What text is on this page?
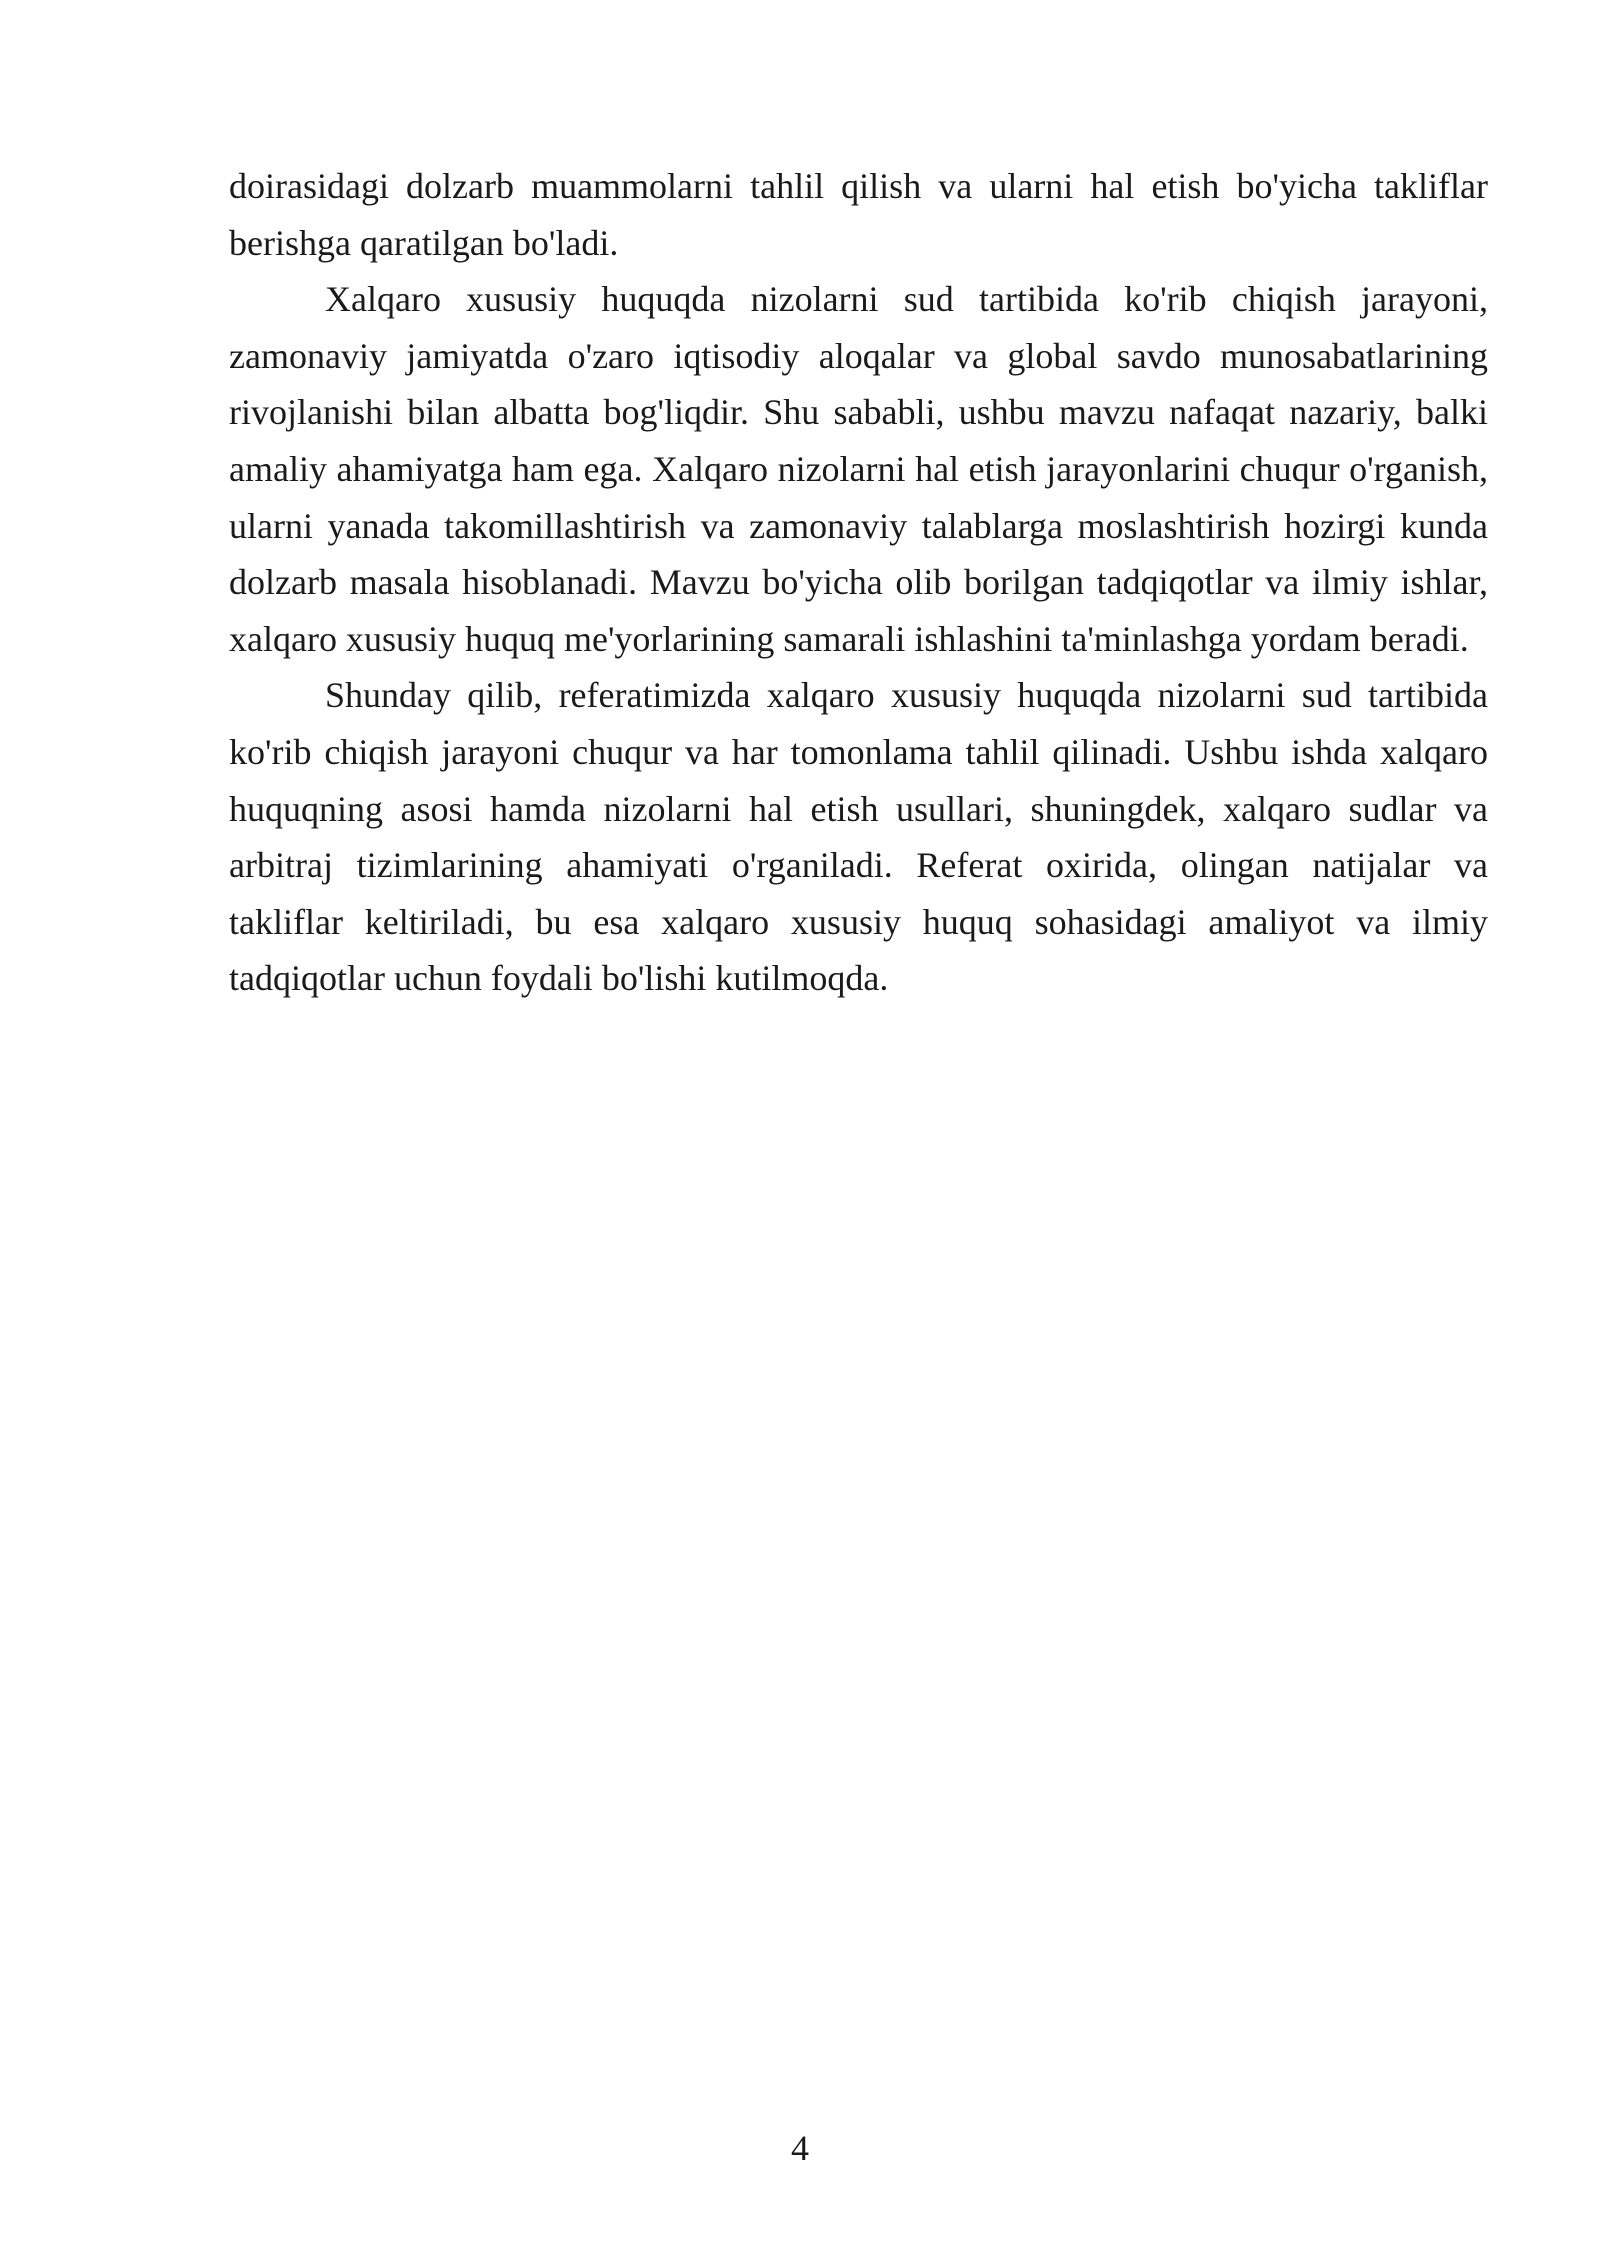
doirasidagi dolzarb muammolarni tahlil qilish va ularni hal etish bo'yicha takliflar berishga qaratilgan bo'ladi.

Xalqaro xususiy huquqda nizolarni sud tartibida ko'rib chiqish jarayoni, zamonaviy jamiyatda o'zaro iqtisodiy aloqalar va global savdo munosabatlarining rivojlanishi bilan albatta bog'liqdir. Shu sababli, ushbu mavzu nafaqat nazariy, balki amaliy ahamiyatga ham ega. Xalqaro nizolarni hal etish jarayonlarini chuqur o'rganish, ularni yanada takomillashtirish va zamonaviy talablarga moslashtirish hozirgi kunda dolzarb masala hisoblanadi. Mavzu bo'yicha olib borilgan tadqiqotlar va ilmiy ishlar, xalqaro xususiy huquq me'yorlarining samarali ishlashini ta'minlashga yordam beradi.

Shunday qilib, referatimizda xalqaro xususiy huquqda nizolarni sud tartibida ko'rib chiqish jarayoni chuqur va har tomonlama tahlil qilinadi. Ushbu ishda xalqaro huquqning asosi hamda nizolarni hal etish usullari, shuningdek, xalqaro sudlar va arbitraj tizimlarining ahamiyati o'rganiladi. Referat oxirida, olingan natijalar va takliflar keltiriladi, bu esa xalqaro xususiy huquq sohasidagi amaliyot va ilmiy tadqiqotlar uchun foydali bo'lishi kutilmoqda.

4
